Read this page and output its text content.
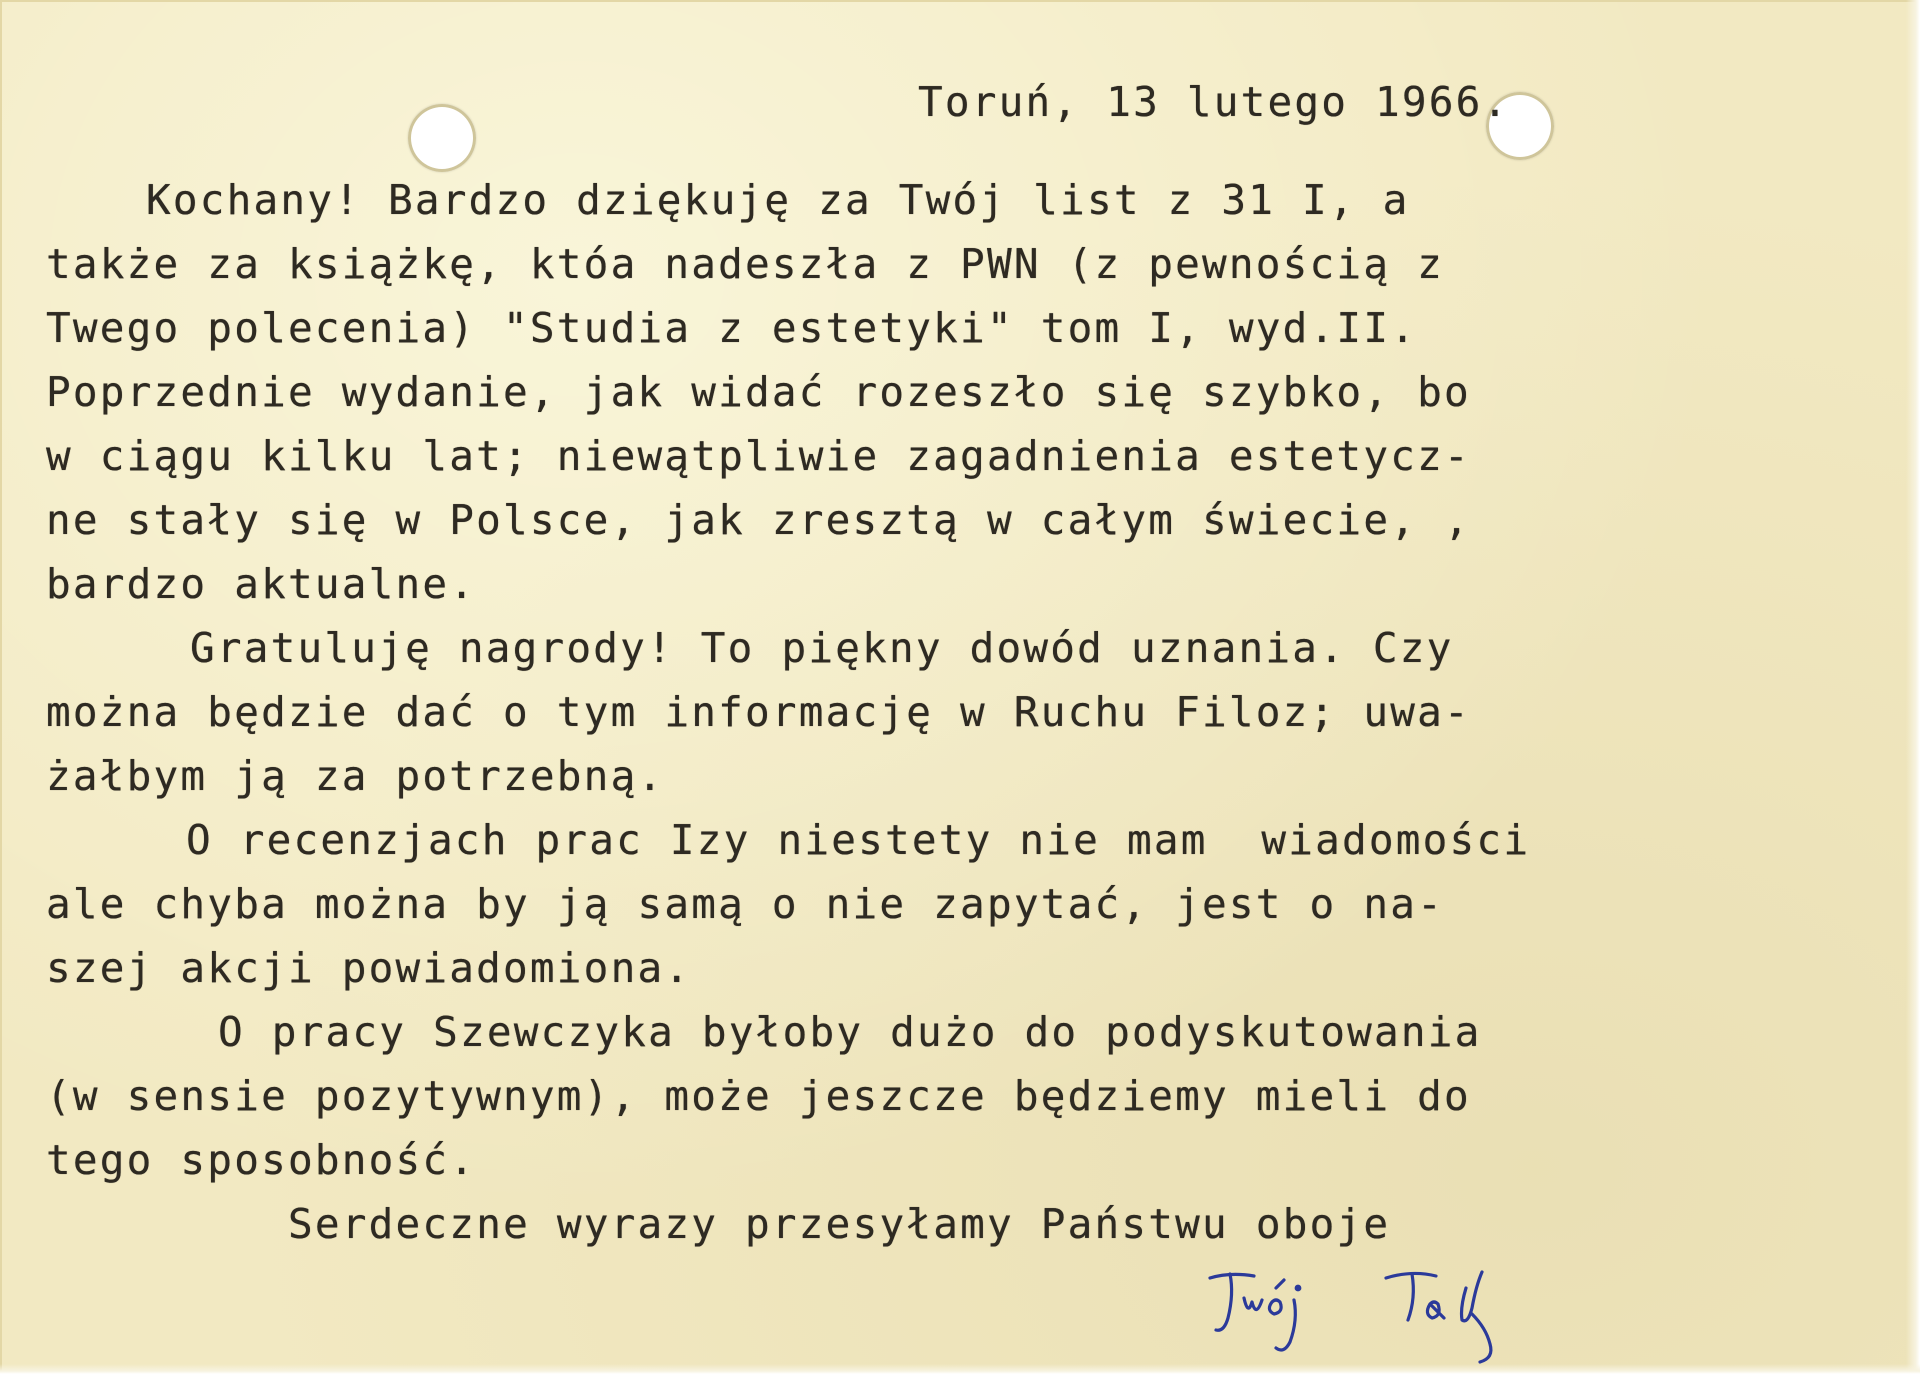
Toruń, 13 lutego 1966.
Kochany! Bardzo dziękuję za Twój list z 31 I, a
także za książkę, któa nadeszła z PWN (z pewnością z
Twego polecenia) "Studia z estetyki" tom I, wyd.II.
Poprzednie wydanie, jak widać rozeszło się szybko, bo
w ciągu kilku lat; niewątpliwie zagadnienia estetycz-
ne stały się w Polsce, jak zresztą w całym świecie, ,
bardzo aktualne.
Gratuluję nagrody! To piękny dowód uznania. Czy
można będzie dać o tym informację w Ruchu Filoz; uwa-
żałbym ją za potrzebną.
O recenzjach prac Izy niestety nie mam  wiadomości
ale chyba można by ją samą o nie zapytać, jest o na-
szej akcji powiadomiona.
O pracy Szewczyka byłoby dużo do podyskutowania
(w sensie pozytywnym), może jeszcze będziemy mieli do
tego sposobność.
Serdeczne wyrazy przesyłamy Państwu oboje
